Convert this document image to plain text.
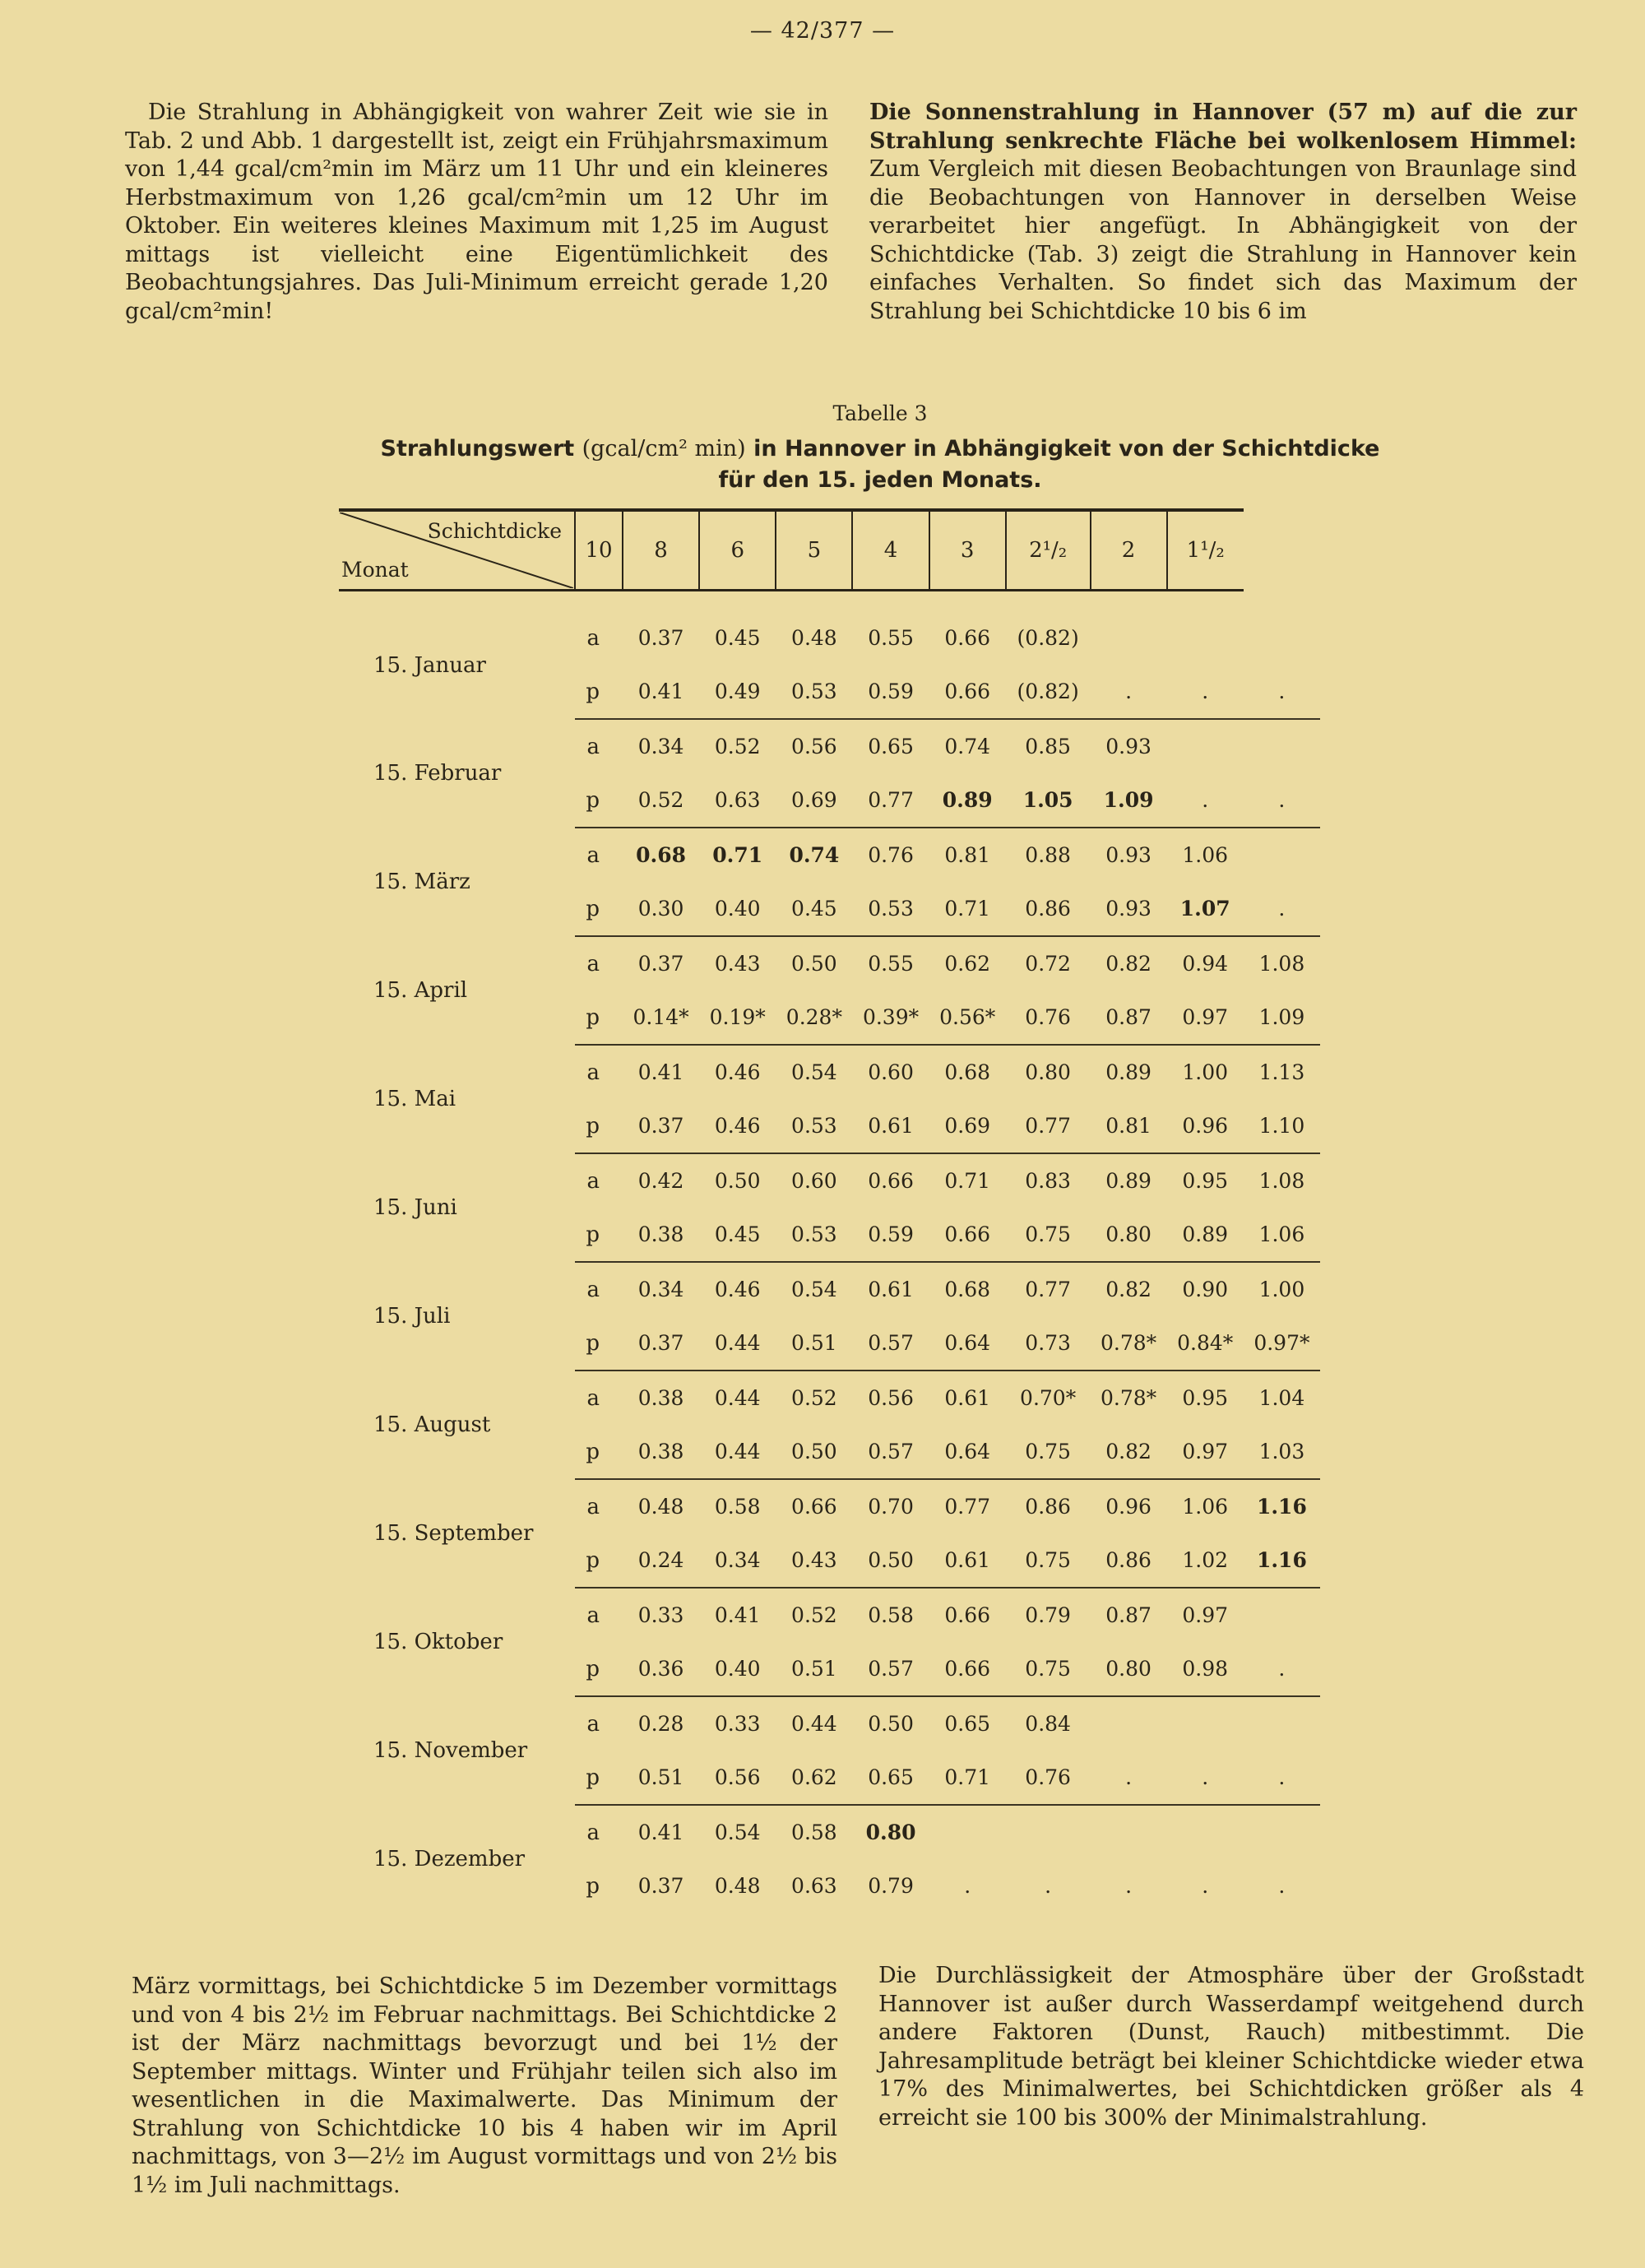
— 42/377 —

Die Strahlung in Abhängigkeit von wahrer Zeit wie sie in Tab. 2 und Abb. 1 dargestellt ist, zeigt ein Frühjahrsmaximum von 1,44 gcal/cm²min im März um 11 Uhr und ein kleineres Herbstmaximum von 1,26 gcal/cm²min um 12 Uhr im Oktober. Ein weiteres kleines Maximum mit 1,25 im August mittags ist vielleicht eine Eigentümlichkeit des Beobachtungsjahres. Das Juli-Minimum erreicht gerade 1,20 gcal/cm²min!

Die Sonnenstrahlung in Hannover (57 m) auf die zur Strahlung senkrechte Fläche bei wolkenlosem Himmel: Zum Vergleich mit diesen Beobachtungen von Braunlage sind die Beobachtungen von Hannover in derselben Weise verarbeitet hier angefügt. In Abhängigkeit von der Schichtdicke (Tab. 3) zeigt die Strahlung in Hannover kein einfaches Verhalten. So findet sich das Maximum der Strahlung bei Schichtdicke 10 bis 6 im

Tabelle 3
Strahlungswert (gcal/cm² min) in Hannover in Abhängigkeit von der Schichtdicke
für den 15. jeden Monats.
Schichtdicke
Monat	10	8	6	5	4	3	2¹/₂	2	1¹/₂	

15. Januar	a	0.37	0.45	0.48	0.55	0.66	(0.82)			
	p	0.41	0.49	0.53	0.59	0.66	(0.82)	.	.	.
15. Februar	a	0.34	0.52	0.56	0.65	0.74	0.85	0.93		
	p	0.52	0.63	0.69	0.77	0.89	1.05	1.09	.	.
15. März	a	0.68	0.71	0.74	0.76	0.81	0.88	0.93	1.06	
	p	0.30	0.40	0.45	0.53	0.71	0.86	0.93	1.07	.
15. April	a	0.37	0.43	0.50	0.55	0.62	0.72	0.82	0.94	1.08
	p	0.14*	0.19*	0.28*	0.39*	0.56*	0.76	0.87	0.97	1.09
15. Mai	a	0.41	0.46	0.54	0.60	0.68	0.80	0.89	1.00	1.13
	p	0.37	0.46	0.53	0.61	0.69	0.77	0.81	0.96	1.10
15. Juni	a	0.42	0.50	0.60	0.66	0.71	0.83	0.89	0.95	1.08
	p	0.38	0.45	0.53	0.59	0.66	0.75	0.80	0.89	1.06
15. Juli	a	0.34	0.46	0.54	0.61	0.68	0.77	0.82	0.90	1.00
	p	0.37	0.44	0.51	0.57	0.64	0.73	0.78*	0.84*	0.97*
15. August	a	0.38	0.44	0.52	0.56	0.61	0.70*	0.78*	0.95	1.04
	p	0.38	0.44	0.50	0.57	0.64	0.75	0.82	0.97	1.03
15. September	a	0.48	0.58	0.66	0.70	0.77	0.86	0.96	1.06	1.16
	p	0.24	0.34	0.43	0.50	0.61	0.75	0.86	1.02	1.16
15. Oktober	a	0.33	0.41	0.52	0.58	0.66	0.79	0.87	0.97	
	p	0.36	0.40	0.51	0.57	0.66	0.75	0.80	0.98	.
15. November	a	0.28	0.33	0.44	0.50	0.65	0.84			
	p	0.51	0.56	0.62	0.65	0.71	0.76	.	.	.
15. Dezember	a	0.41	0.54	0.58	0.80					
	p	0.37	0.48	0.63	0.79	.	.	.	.	.

März vormittags, bei Schichtdicke 5 im Dezember vormittags und von 4 bis 2½ im Februar nachmittags. Bei Schichtdicke 2 ist der März nachmittags bevorzugt und bei 1½ der September mittags. Winter und Frühjahr teilen sich also im wesentlichen in die Maximalwerte. Das Minimum der Strahlung von Schichtdicke 10 bis 4 haben wir im April nachmittags, von 3—2½ im August vormittags und von 2½ bis 1½ im Juli nachmittags.

Die Durchlässigkeit der Atmosphäre über der Großstadt Hannover ist außer durch Wasserdampf weitgehend durch andere Faktoren (Dunst, Rauch) mitbestimmt. Die Jahresamplitude beträgt bei kleiner Schichtdicke wieder etwa 17% des Minimalwertes, bei Schichtdicken größer als 4 erreicht sie 100 bis 300% der Minimalstrahlung.
